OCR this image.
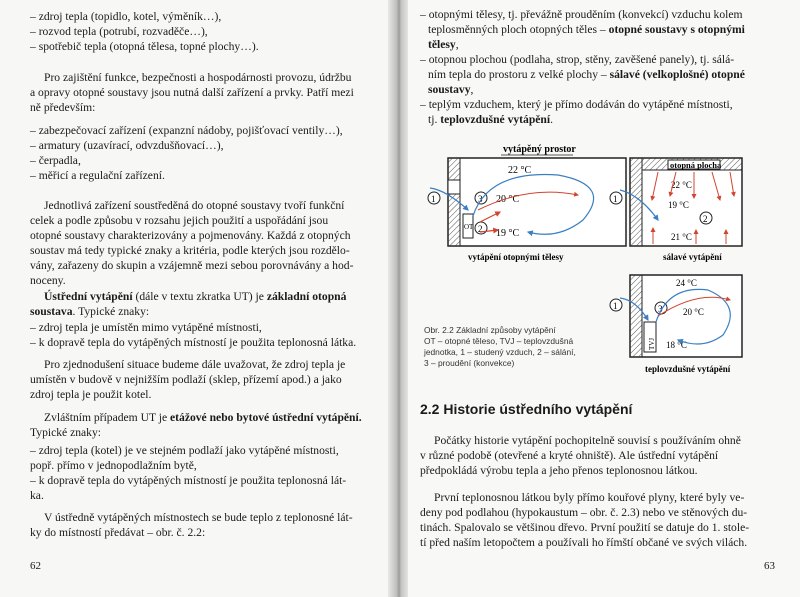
– zdroj tepla (topidlo, kotel, výměník…),
– rozvod tepla (potrubí, rozvaděče…),
– spotřebič tepla (otopná tělesa, topné plochy…).
Pro zajištění funkce, bezpečnosti a hospodárnosti provozu, údržbu
a opravy otopné soustavy jsou nutná další zařízení a prvky. Patří mezi
ně především:
– zabezpečovací zařízení (expanzní nádoby, pojišťovací ventily…),
– armatury (uzavírací, odvzdušňovací…),
– čerpadla,
– měřicí a regulační zařízení.
Jednotlivá zařízení soustředěná do otopné soustavy tvoří funkční
celek a podle způsobu v rozsahu jejich použití a uspořádání jsou
otopné soustavy charakterizovány a pojmenovány. Každá z otopných
soustav má tedy typické znaky a kritéria, podle kterých jsou rozdělo-
vány, zařazeny do skupin a vzájemně mezi sebou porovnávány a hod-
noceny.
Ústřední vytápění (dále v textu zkratka UT) je základní otopná
soustava. Typické znaky:
– zdroj tepla je umístěn mimo vytápěné místnosti,
– k dopravě tepla do vytápěných místností je použita teplonosná látka.
Pro zjednodušení situace budeme dále uvažovat, že zdroj tepla je
umístěn v budově v nejnižším podlaží (sklep, přízemí apod.) a jako
zdroj tepla je použit kotel.
Zvláštním případem UT je etážové nebo bytové ústřední vytápění.
Typické znaky:
– zdroj tepla (kotel) je ve stejném podlaží jako vytápěné místnosti,
popř. přímo v jednopodlažním bytě,
– k dopravě tepla do vytápěných místností je použita teplonosná lát-
ka.
V ústředně vytápěných místnostech se bude teplo z teplonosné lát-
ky do místností předávat – obr. č. 2.2:
62
– otopnými tělesy, tj. převážně prouděním (konvekcí) vzduchu kolem
teplosměnných ploch otopných těles – otopné soustavy s otopnými
tělesy,
– otopnou plochou (podlaha, strop, stěny, zavěšené panely), tj. sálá-
ním tepla do prostoru z velké plochy – sálavé (velkoplošné) otopné
soustavy,
– teplým vzduchem, který je přímo dodáván do vytápěné místnosti,
tj. teplovzdušné vytápění.
vytápěný prostor
OT
22 °C
20 °C
19 °C
1	3
2
vytápění otopnými tělesy
otopná plocha
22 °C
19 °C
21 °C
1
2
sálavé vytápění
TVJ
24 °C
20 °C
18 °C
1	3
teplovzdušné vytápění
Obr. 2.2 Základní způsoby vytápění
OT – otopné těleso, TVJ – teplovzdušná
jednotka, 1 – studený vzduch, 2 – sálání,
3 – proudění (konvekce)
2.2 Historie ústředního vytápění
Počátky historie vytápění pochopitelně souvisí s používáním ohně
v různé podobě (otevřené a kryté ohniště). Ale ústřední vytápění
předpokládá výrobu tepla a jeho přenos teplonosnou látkou.
První teplonosnou látkou byly přímo kouřové plyny, které byly ve-
deny pod podlahou (hypokaustum – obr. č. 2.3) nebo ve stěnových du-
tinách. Spalovalo se většinou dřevo. První použití se datuje do 1. stole-
tí před naším letopočtem a používali ho římští občané ve svých vilách.
63
